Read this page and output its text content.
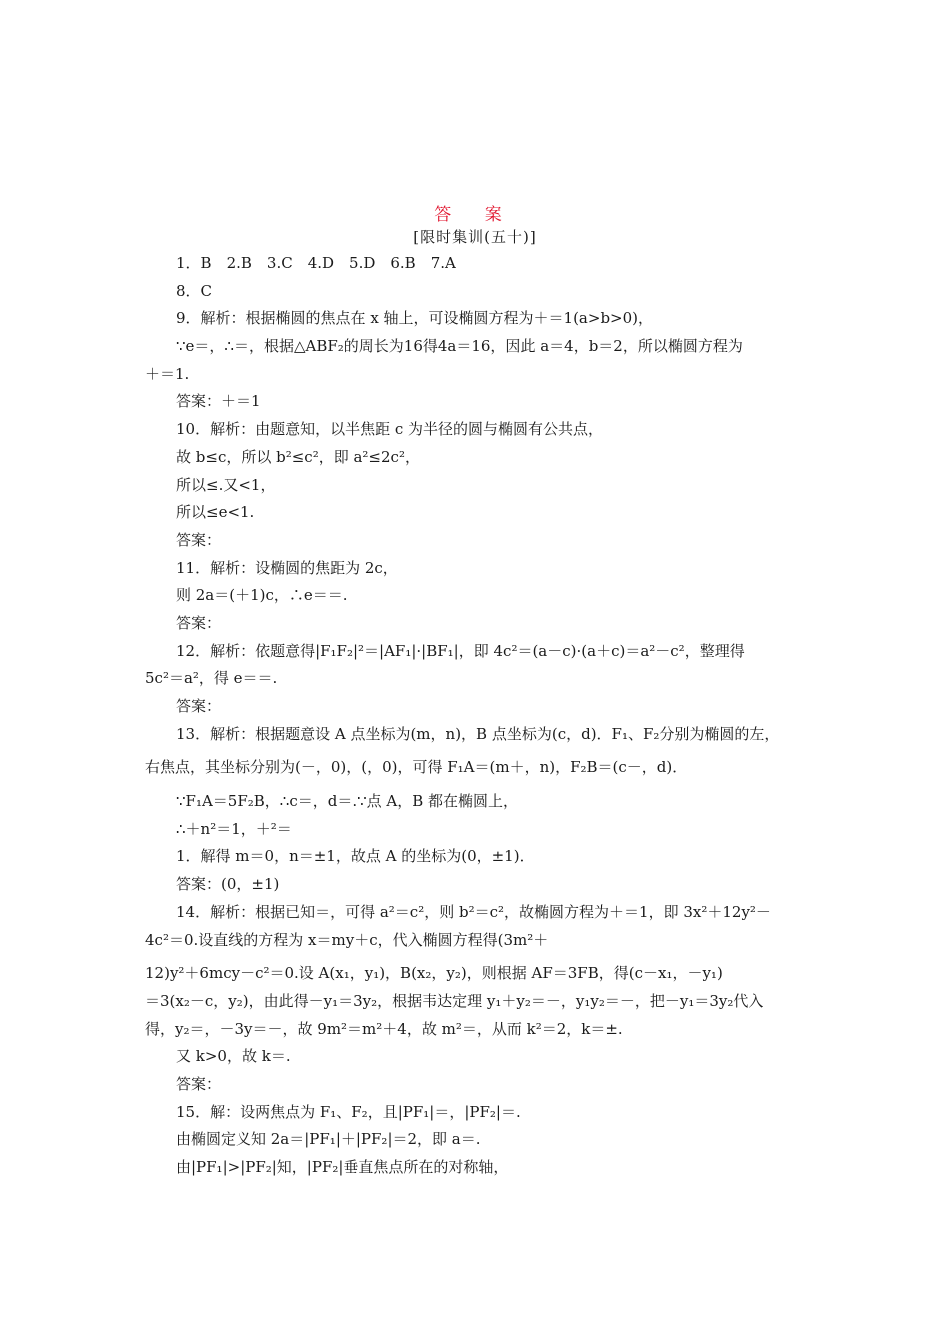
答 案
[限时集训(五十)]
1．B　2.B　3.C　4.D　5.D　6.B　7.A
8．C
9．解析：根据椭圆的焦点在 x 轴上，可设椭圆方程为＋＝1(a>b>0)，
∵e＝，∴＝，根据△ABF₂的周长为16得4a＝16，因此 a＝4，b＝2，所以椭圆方程为
＋＝1.
答案：＋＝1
10．解析：由题意知，以半焦距 c 为半径的圆与椭圆有公共点，
故 b≤c，所以 b²≤c²，即 a²≤2c²，
所以≤.又<1，
所以≤e<1.
答案：
11．解析：设椭圆的焦距为 2c，
则 2a＝(＋1)c，∴e＝＝.
答案：
12．解析：依题意得|F₁F₂|²＝|AF₁|·|BF₁|，即 4c²＝(a－c)·(a＋c)＝a²－c²，整理得
5c²＝a²，得 e＝＝.
答案：
13．解析：根据题意设 A 点坐标为(m，n)，B 点坐标为(c，d)．F₁、F₂分别为椭圆的左，
右焦点，其坐标分别为(－，0)，(，0)，可得 F₁A＝(m＋，n)，F₂B＝(c－，d)．
∵F₁A＝5F₂B，∴c＝，d＝.∵点 A，B 都在椭圆上，
∴＋n²＝1，＋²＝
1．解得 m＝0，n＝±1，故点 A 的坐标为(0，±1)．
答案：(0，±1)
14．解析：根据已知＝，可得 a²＝c²，则 b²＝c²，故椭圆方程为＋＝1，即 3x²＋12y²－
4c²＝0.设直线的方程为 x＝my＋c，代入椭圆方程得(3m²＋
12)y²＋6mcy－c²＝0.设 A(x₁，y₁)，B(x₂，y₂)，则根据 AF＝3FB，得(c－x₁，－y₁)
＝3(x₂－c，y₂)，由此得－y₁＝3y₂，根据韦达定理 y₁＋y₂＝－，y₁y₂＝－，把－y₁＝3y₂代入
得，y₂＝，－3y＝－，故 9m²＝m²＋4，故 m²＝，从而 k²＝2，k＝±.
又 k>0，故 k＝.
答案：
15．解：设两焦点为 F₁、F₂，且|PF₁|＝，|PF₂|＝.
由椭圆定义知 2a＝|PF₁|＋|PF₂|＝2，即 a＝.
由|PF₁|>|PF₂|知，|PF₂|垂直焦点所在的对称轴，
